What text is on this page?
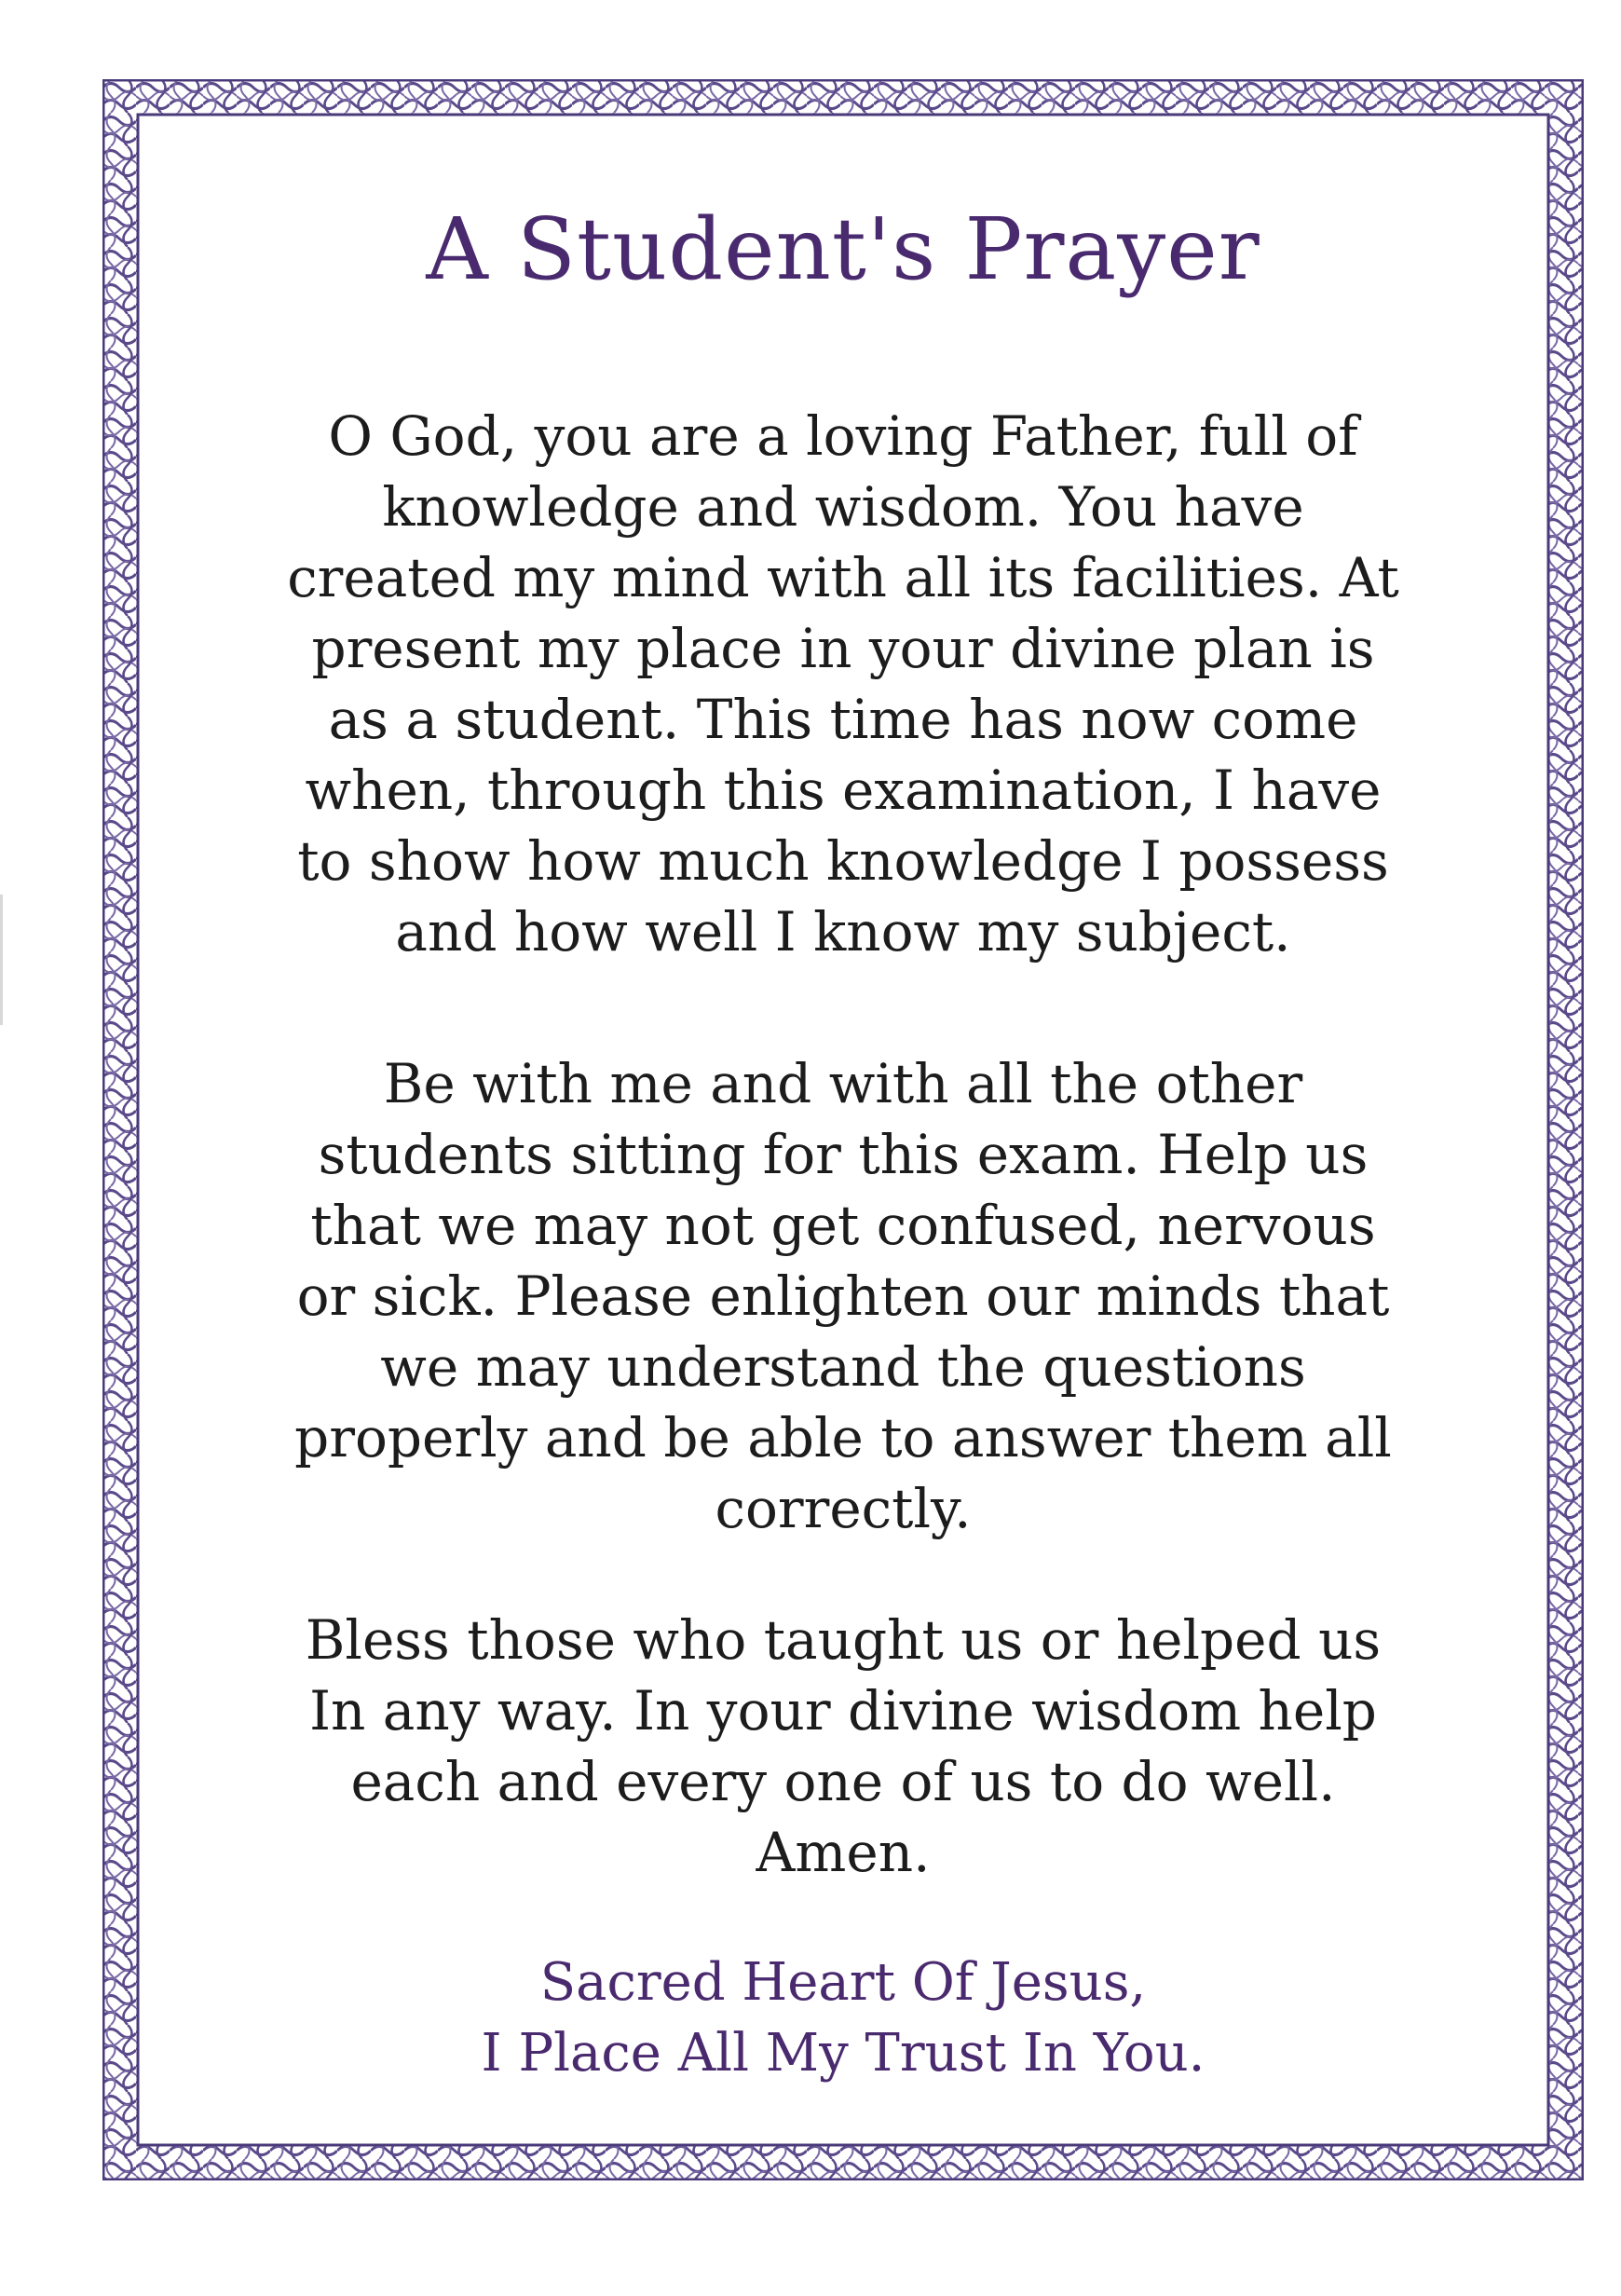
A Student's Prayer

O God, you are a loving Father, full of
knowledge and wisdom. You have
created my mind with all its facilities. At
present my place in your divine plan is
as a student. This time has now come
when, through this examination, I have
to show how much knowledge I possess
and how well I know my subject.

Be with me and with all the other
students sitting for this exam. Help us
that we may not get confused, nervous
or sick. Please enlighten our minds that
we may understand the questions
properly and be able to answer them all
correctly.

Bless those who taught us or helped us
In any way. In your divine wisdom help
each and every one of us to do well.
Amen.

Sacred Heart Of Jesus,
I Place All My Trust In You.
